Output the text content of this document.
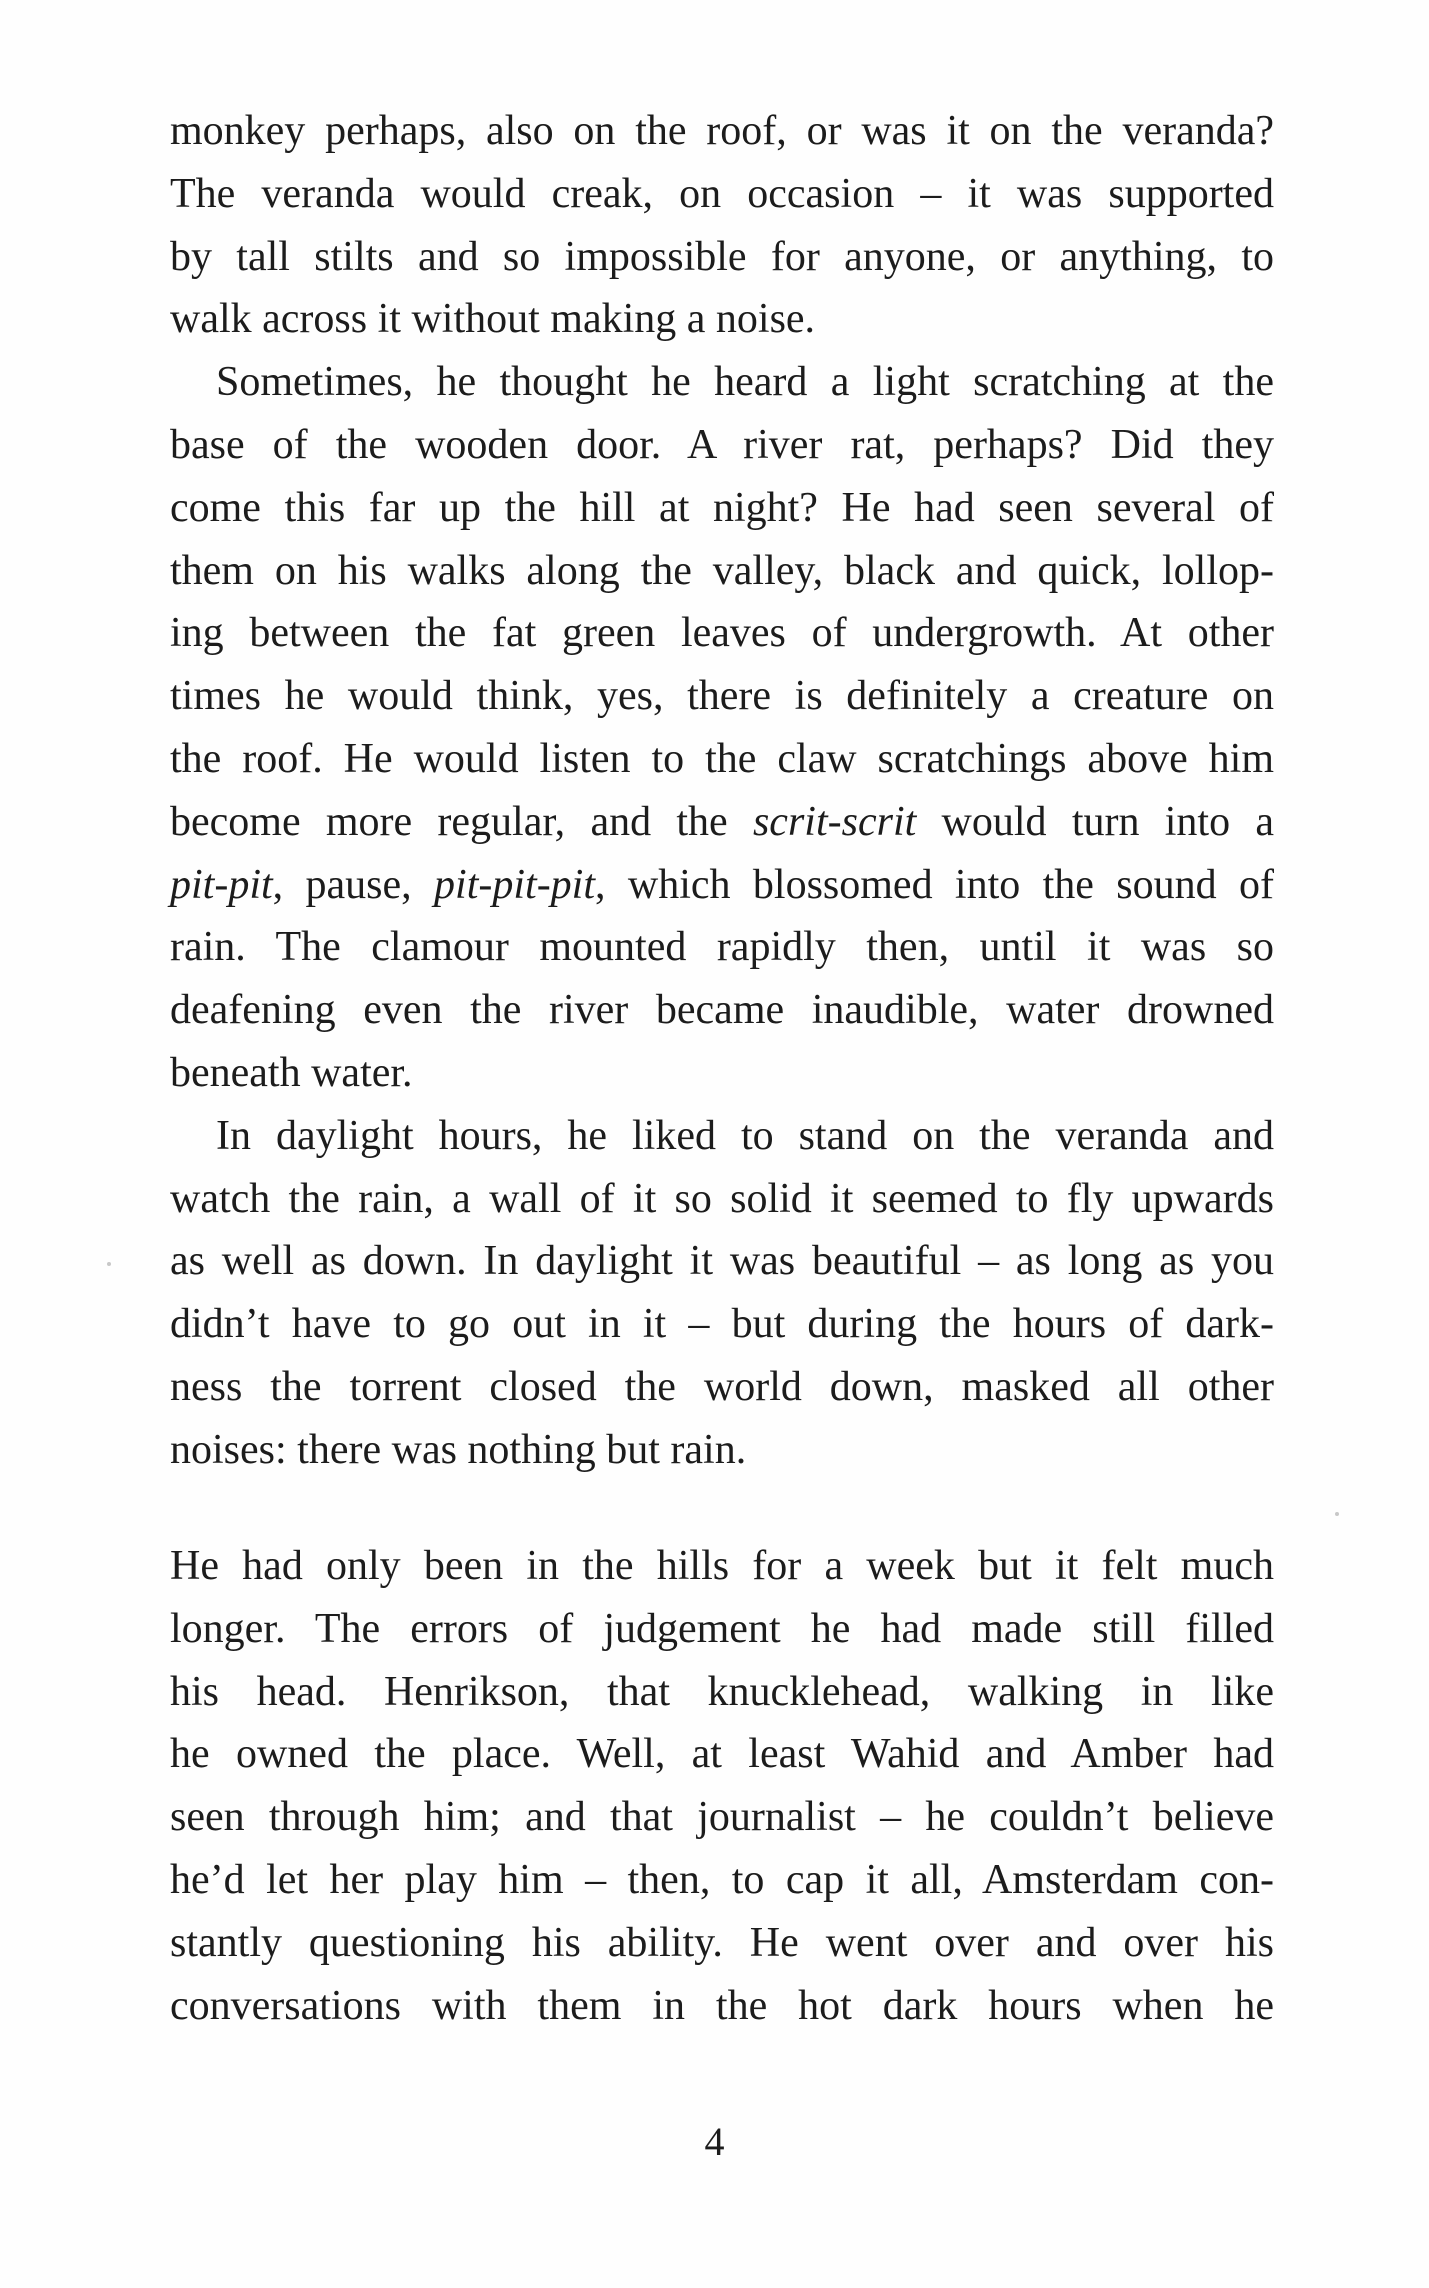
monkey perhaps, also on the roof, or was it on the veranda?
The veranda would creak, on occasion – it was supported
by tall stilts and so impossible for anyone, or anything, to
walk across it without making a noise.
Sometimes, he thought he heard a light scratching at the
base of the wooden door. A river rat, perhaps? Did they
come this far up the hill at night? He had seen several of
them on his walks along the valley, black and quick, lollop-
ing between the fat green leaves of undergrowth. At other
times he would think, yes, there is definitely a creature on
the roof. He would listen to the claw scratchings above him
become more regular, and the scrit-scrit would turn into a
pit-pit, pause, pit-pit-pit, which blossomed into the sound of
rain. The clamour mounted rapidly then, until it was so
deafening even the river became inaudible, water drowned
beneath water.
In daylight hours, he liked to stand on the veranda and
watch the rain, a wall of it so solid it seemed to fly upwards
as well as down. In daylight it was beautiful – as long as you
didn’t have to go out in it – but during the hours of dark-
ness the torrent closed the world down, masked all other
noises: there was nothing but rain.
He had only been in the hills for a week but it felt much
longer. The errors of judgement he had made still filled
his head. Henrikson, that knucklehead, walking in like
he owned the place. Well, at least Wahid and Amber had
seen through him; and that journalist – he couldn’t believe
he’d let her play him – then, to cap it all, Amsterdam con-
stantly questioning his ability. He went over and over his
conversations with them in the hot dark hours when he
4
